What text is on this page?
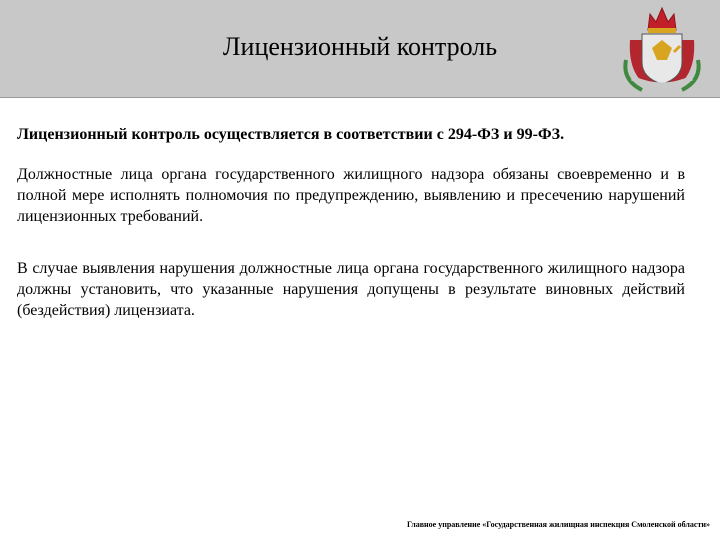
Лицензионный контроль

Лицензионный контроль осуществляется в соответствии с 294-ФЗ и 99-ФЗ.

Должностные лица органа государственного жилищного надзора обязаны своевременно и в полной мере исполнять полномочия по предупреждению, выявлению и пресечению нарушений лицензионных требований.

В случае выявления нарушения должностные лица органа государственного жилищного надзора должны установить, что указанные нарушения допущены в результате виновных действий (бездействия) лицензиата.

Главное управление «Государственная жилищная инспекция Смоленской области»
